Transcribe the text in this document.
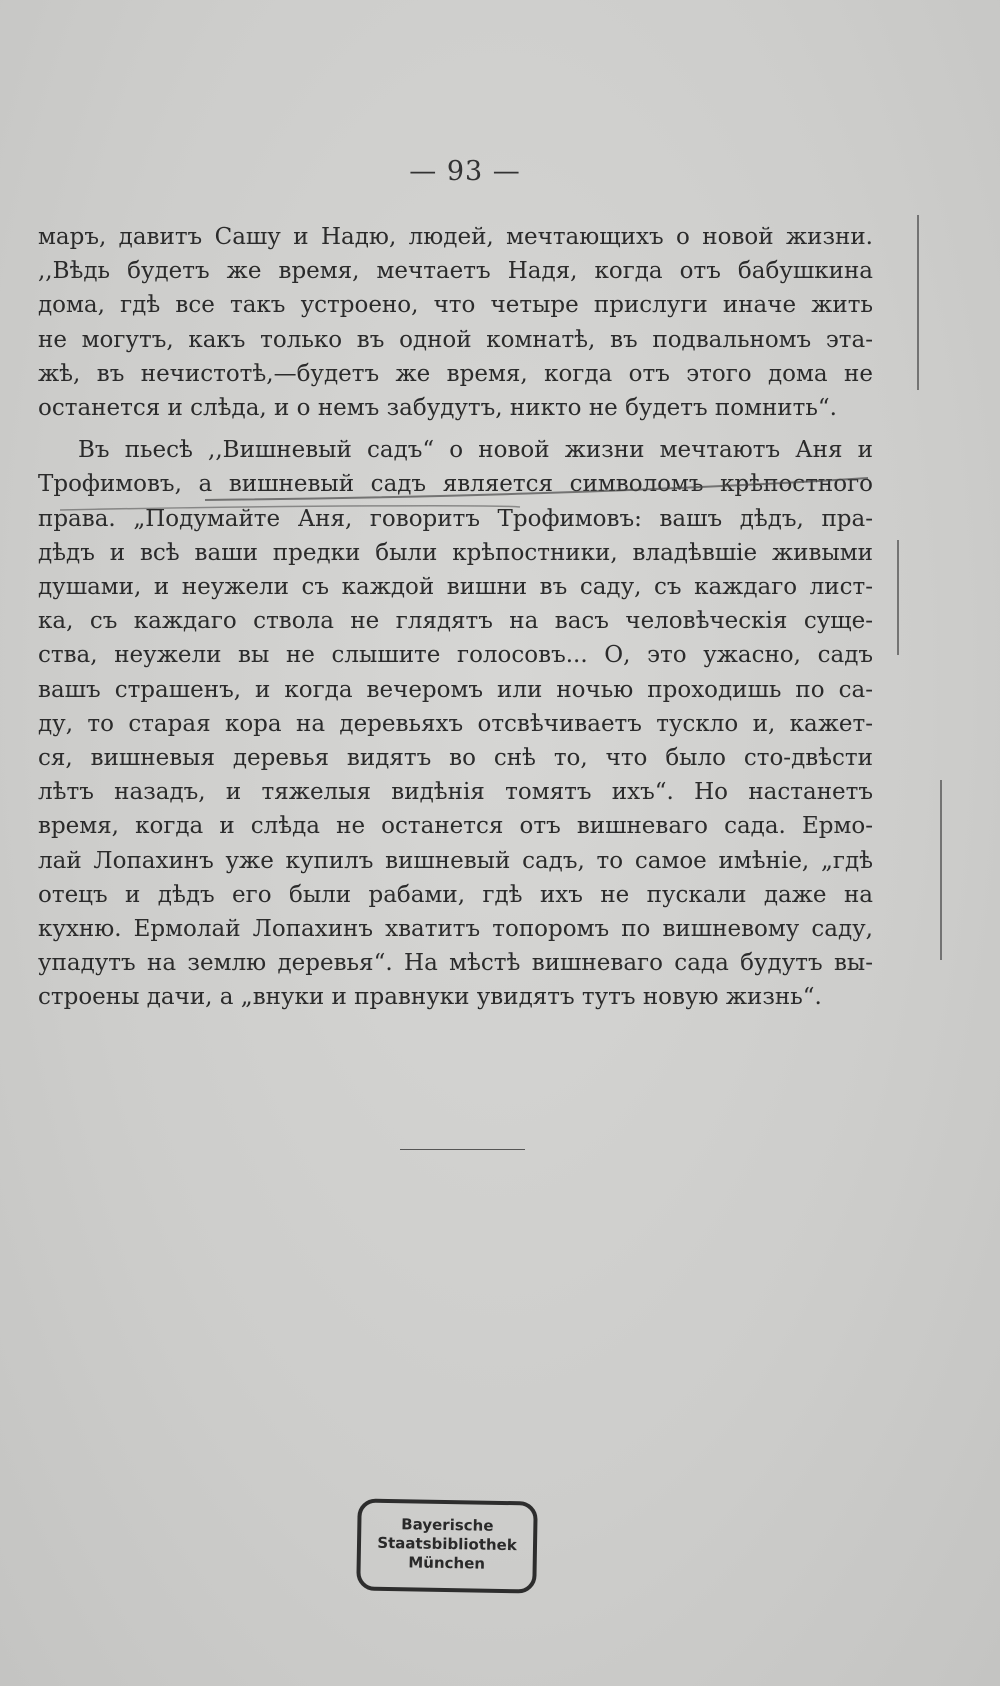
— 93 —
маръ, давитъ Сашу и Надю, людей, мечтающихъ о новой жизни.
,,Вѣдь будетъ же время, мечтаетъ Надя, когда отъ бабушкина
дома, гдѣ все такъ устроено, что четыре прислуги иначе жить
не могутъ, какъ только въ одной комнатѣ, въ подвальномъ эта-
жѣ, въ нечистотѣ,—будетъ же время, когда отъ этого дома не
останется и слѣда, и о немъ забудутъ, никто не будетъ помнить“.
Въ пьесѣ ,,Вишневый садъ“ о новой жизни мечтаютъ Аня и
Трофимовъ, а вишневый садъ является символомъ крѣпостного
права. „Подумайте Аня, говоритъ Трофимовъ: вашъ дѣдъ, пра-
дѣдъ и всѣ ваши предки были крѣпостники, владѣвшіе живыми
душами, и неужели съ каждой вишни въ саду, съ каждаго лист-
ка, съ каждаго ствола не глядятъ на васъ человѣческія суще-
ства, неужели вы не слышите голосовъ... О, это ужасно, садъ
вашъ страшенъ, и когда вечеромъ или ночью проходишь по са-
ду, то старая кора на деревьяхъ отсвѣчиваетъ тускло и, кажет-
ся, вишневыя деревья видятъ во снѣ то, что было сто-двѣсти
лѣтъ назадъ, и тяжелыя видѣнія томятъ ихъ“. Но настанетъ
время, когда и слѣда не останется отъ вишневаго сада. Ермо-
лай Лопахинъ уже купилъ вишневый садъ, то самое имѣніе, „гдѣ
отецъ и дѣдъ его были рабами, гдѣ ихъ не пускали даже на
кухню. Ермолай Лопахинъ хватитъ топоромъ по вишневому саду,
упадутъ на землю деревья“. На мѣстѣ вишневаго сада будутъ вы-
строены дачи, а „внуки и правнуки увидятъ тутъ новую жизнь“.
Bayerische
Staatsbibliothek
München
